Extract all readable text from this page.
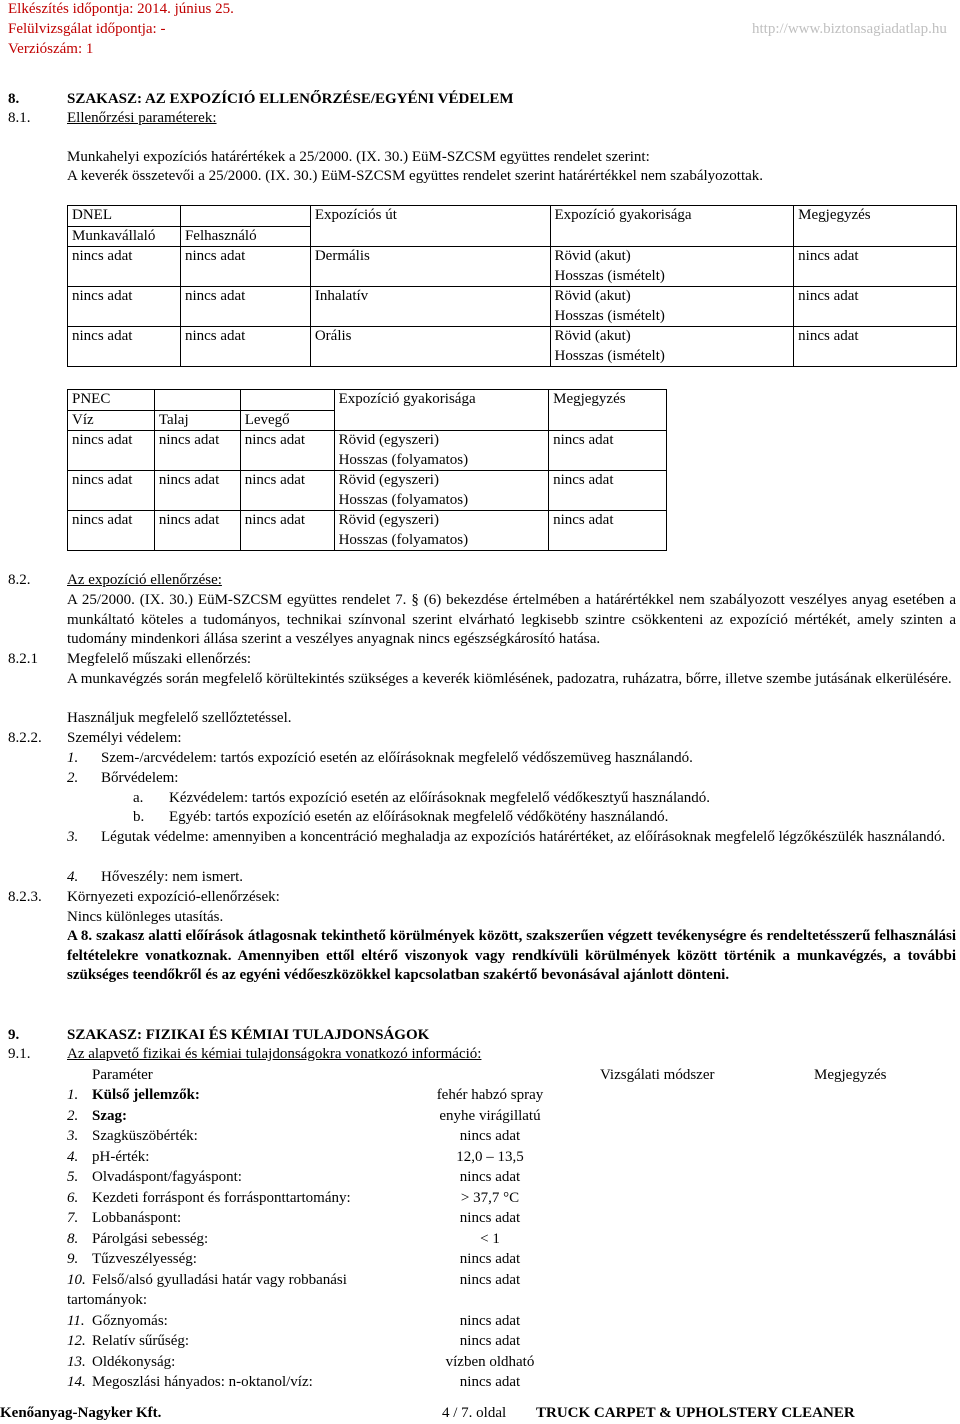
Elkészítés időpontja: 2014. június 25.
Felülvizsgálat időpontja: -
Verziószám: 1
http://www.biztonsagiadatlap.hu
8.	SZAKASZ: AZ EXPOZÍCIÓ ELLENŐRZÉSE/EGYÉNI VÉDELEM
8.1. Ellenőrzési paraméterek:
Munkahelyi expozíciós határértékek a 25/2000. (IX. 30.) EüM-SZCSM együttes rendelet szerint:
A keverék összetevői a 25/2000. (IX. 30.) EüM-SZCSM együttes rendelet szerint határértékkel nem szabályozottak.
DNEL		Expozíciós út	Expozíció gyakorisága	Megjegyzés
Munkavállaló	Felhasználó			
nincs adat	nincs adat	Dermális	Rövid (akut)
Hosszas (ismételt)	nincs adat
nincs adat	nincs adat	Inhalatív	Rövid (akut)
Hosszas (ismételt)	nincs adat
nincs adat	nincs adat	Orális	Rövid (akut)
Hosszas (ismételt)	nincs adat
PNEC			Expozíció gyakorisága	Megjegyzés
Víz	Talaj	Levegő		
nincs adat	nincs adat	nincs adat	Rövid (egyszeri)
Hosszas (folyamatos)	nincs adat
nincs adat	nincs adat	nincs adat	Rövid (egyszeri)
Hosszas (folyamatos)	nincs adat
nincs adat	nincs adat	nincs adat	Rövid (egyszeri)
Hosszas (folyamatos)	nincs adat
8.2. Az expozíció ellenőrzése:
A 25/2000. (IX. 30.) EüM-SZCSM együttes rendelet 7. § (6) bekezdése értelmében a határértékkel nem szabályozott veszélyes anyag esetében a munkáltató köteles a tudományos, technikai színvonal szerint elvárható legkisebb szintre csökkenteni az expozíció mértékét, amely szinten a tudomány mindenkori állása szerint a veszélyes anyagnak nincs egészségkárosító hatása.
8.2.1 Megfelelő műszaki ellenőrzés:
A munkavégzés során megfelelő körültekintés szükséges a keverék kiömlésének, padozatra, ruházatra, bőrre, illetve szembe jutásának elkerülésére.
Használjuk megfelelő szellőztetéssel.
8.2.2. Személyi védelem:
1. Szem-/arcvédelem: tartós expozíció esetén az előírásoknak megfelelő védőszemüveg használandó.
2. Bőrvédelem:
a. Kézvédelem: tartós expozíció esetén az előírásoknak megfelelő védőkesztyű használandó.
b. Egyéb: tartós expozíció esetén az előírásoknak megfelelő védőkötény használandó.
3. Légutak védelme: amennyiben a koncentráció meghaladja az expozíciós határértéket, az előírásoknak megfelelő légzőkészülék használandó.
4. Hőveszély: nem ismert.
8.2.3. Környezeti expozíció-ellenőrzések:
Nincs különleges utasítás.
A 8. szakasz alatti előírások átlagosnak tekinthető körülmények között, szakszerűen végzett tevékenységre és rendeltetésszerű felhasználási feltételekre vonatkoznak. Amennyiben ettől eltérő viszonyok vagy rendkívüli körülmények között történik a munkavégzés, a további szükséges teendőkről és az egyéni védőeszközökkel kapcsolatban szakértő bevonásával ajánlott dönteni.
9.	SZAKASZ: FIZIKAI ÉS KÉMIAI TULAJDONSÁGOK
9.1. Az alapvető fizikai és kémiai tulajdonságokra vonatkozó információ:
Paraméter	Vizsgálati módszer	Megjegyzés
1. Külső jellemzők:	fehér habzó spray
2. Szag:	enyhe virágillatú
3. Szagküszöbérték:	nincs adat
4. pH-érték:	12,0 – 13,5
5. Olvadáspont/fagyáspont:	nincs adat
6. Kezdeti forráspont és forrásponttartomány:	> 37,7 °C
7. Lobbanáspont:	nincs adat
8. Párolgási sebesség:	< 1
9. Tűzveszélyesség:	nincs adat
10. Felső/alsó gyulladási határ vagy robbanási	nincs adat
tartományok:
11. Gőznyomás:	nincs adat
12. Relatív sűrűség:	nincs adat
13. Oldékonyság:	vízben oldható
14. Megoszlási hányados: n-oktanol/víz:	nincs adat
Kenőanyag-Nagyker Kft.	4 / 7. oldal TRUCK CARPET & UPHOLSTERY CLEANER
